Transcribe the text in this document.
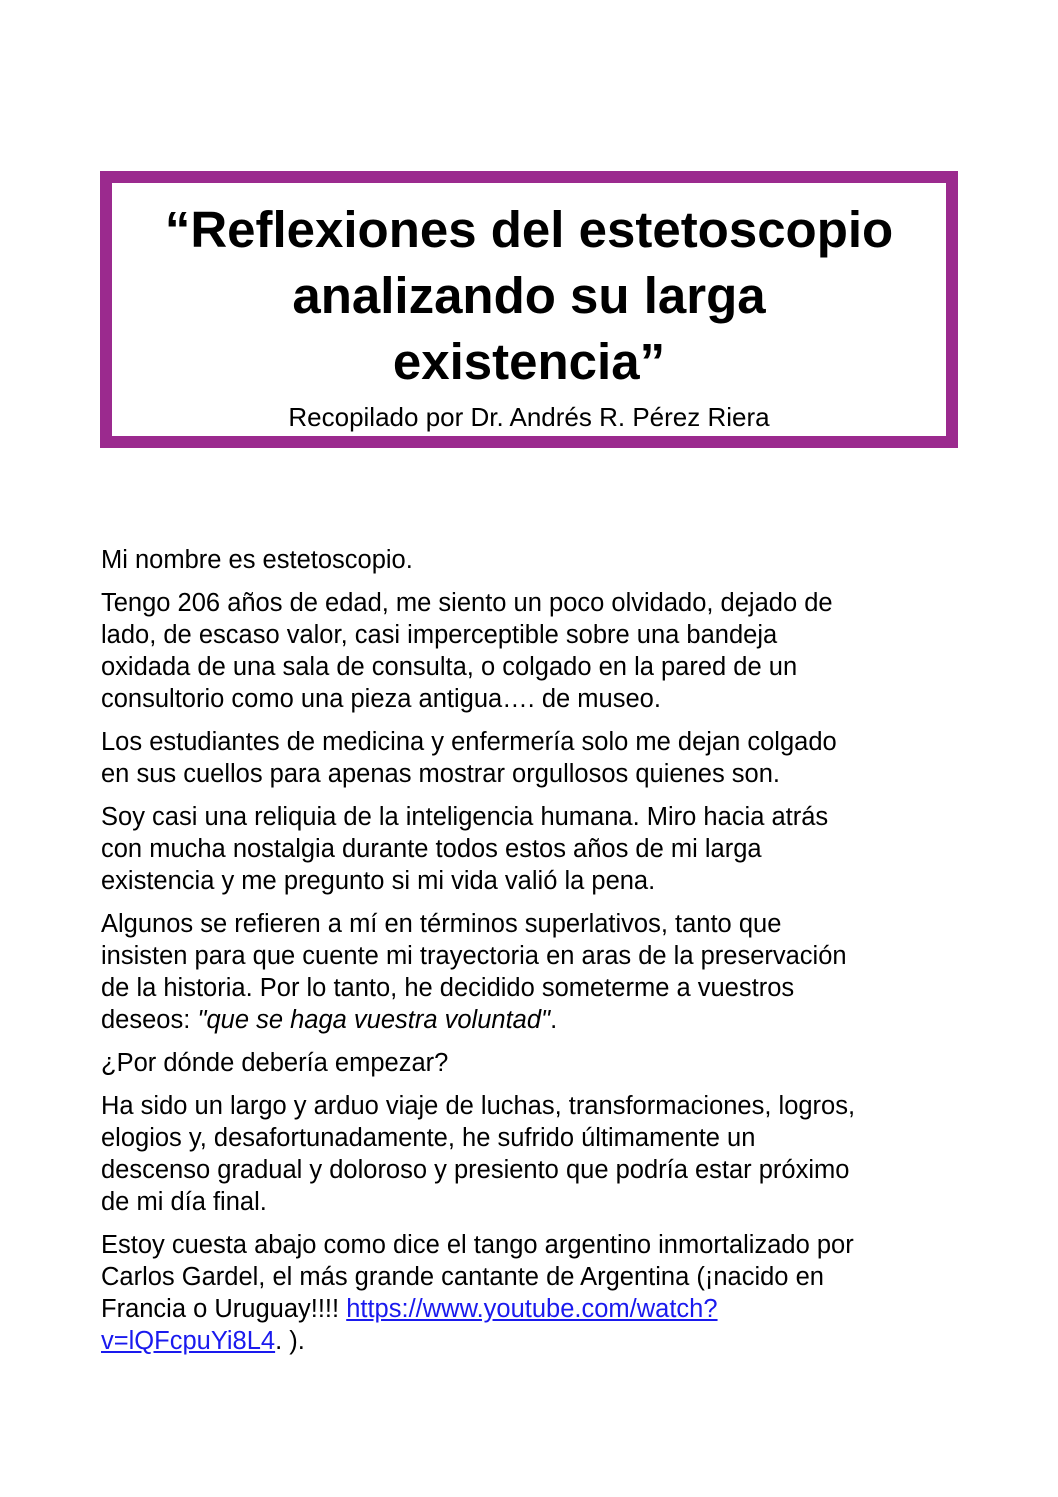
“Reflexiones del estetoscopio
analizando su larga
existencia”

Recopilado por Dr. Andrés R. Pérez Riera

Mi nombre es estetoscopio.

Tengo 206 años de edad, me siento un poco olvidado, dejado de
lado, de escaso valor, casi imperceptible sobre una bandeja
oxidada de una sala de consulta, o colgado en la pared de un
consultorio como una pieza antigua…. de museo.

Los estudiantes de medicina y enfermería solo me dejan colgado
en sus cuellos para apenas mostrar orgullosos quienes son.

Soy casi una reliquia de la inteligencia humana. Miro hacia atrás
con mucha nostalgia durante todos estos años de mi larga
existencia y me pregunto si mi vida valió la pena.

Algunos se refieren a mí en términos superlativos, tanto que
insisten para que cuente mi trayectoria en aras de la preservación
de la historia. Por lo tanto, he decidido someterme a vuestros
deseos: "que se haga vuestra voluntad".

¿Por dónde debería empezar?

Ha sido un largo y arduo viaje de luchas, transformaciones, logros,
elogios y, desafortunadamente, he sufrido últimamente un
descenso gradual y doloroso y presiento que podría estar próximo
de mi día final.

Estoy cuesta abajo como dice el tango argentino inmortalizado por
Carlos Gardel, el más grande cantante de Argentina (¡nacido en
Francia o Uruguay!!!! https://www.youtube.com/watch?
v=lQFcpuYi8L4. ).
